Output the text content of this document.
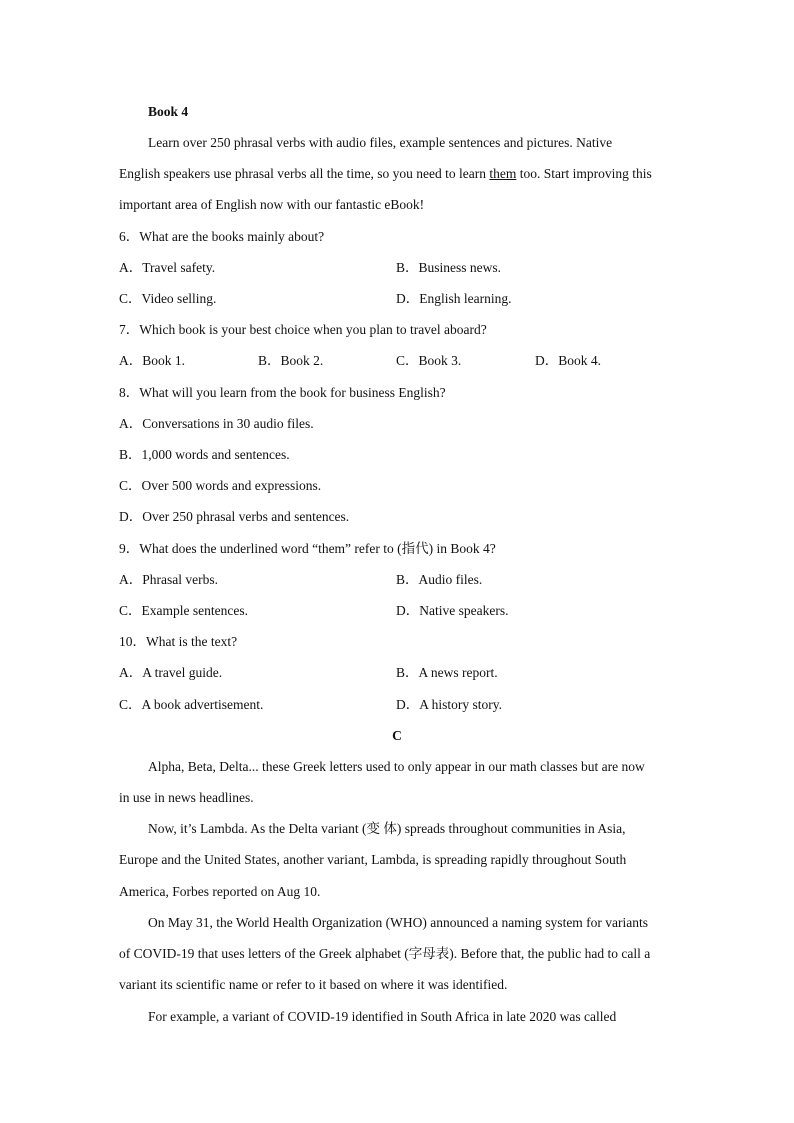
Book 4
Learn over 250 phrasal verbs with audio files, example sentences and pictures. Native
English speakers use phrasal verbs all the time, so you need to learn them too. Start improving this
important area of English now with our fantastic eBook!
6．What are the books mainly about?
A．Travel safety.	B．Business news.
C．Video selling.	D．English learning.
7．Which book is your best choice when you plan to travel aboard?
A．Book 1.	B．Book 2.	C．Book 3.	D．Book 4.
8．What will you learn from the book for business English?
A．Conversations in 30 audio files.
B．1,000 words and sentences.
C．Over 500 words and expressions.
D．Over 250 phrasal verbs and sentences.
9．What does the underlined word “them” refer to (指代) in Book 4?
A．Phrasal verbs.	B．Audio files.
C．Example sentences.	D．Native speakers.
10．What is the text?
A．A travel guide.	B．A news report.
C．A book advertisement.	D．A history story.
C
Alpha, Beta, Delta... these Greek letters used to only appear in our math classes but are now
in use in news headlines.
Now, it’s Lambda. As the Delta variant (变 体) spreads throughout communities in Asia,
Europe and the United States, another variant, Lambda, is spreading rapidly throughout South
America, Forbes reported on Aug 10.
On May 31, the World Health Organization (WHO) announced a naming system for variants
of COVID-19 that uses letters of the Greek alphabet (字母表). Before that, the public had to call a
variant its scientific name or refer to it based on where it was identified.
For example, a variant of COVID-19 identified in South Africa in late 2020 was called
